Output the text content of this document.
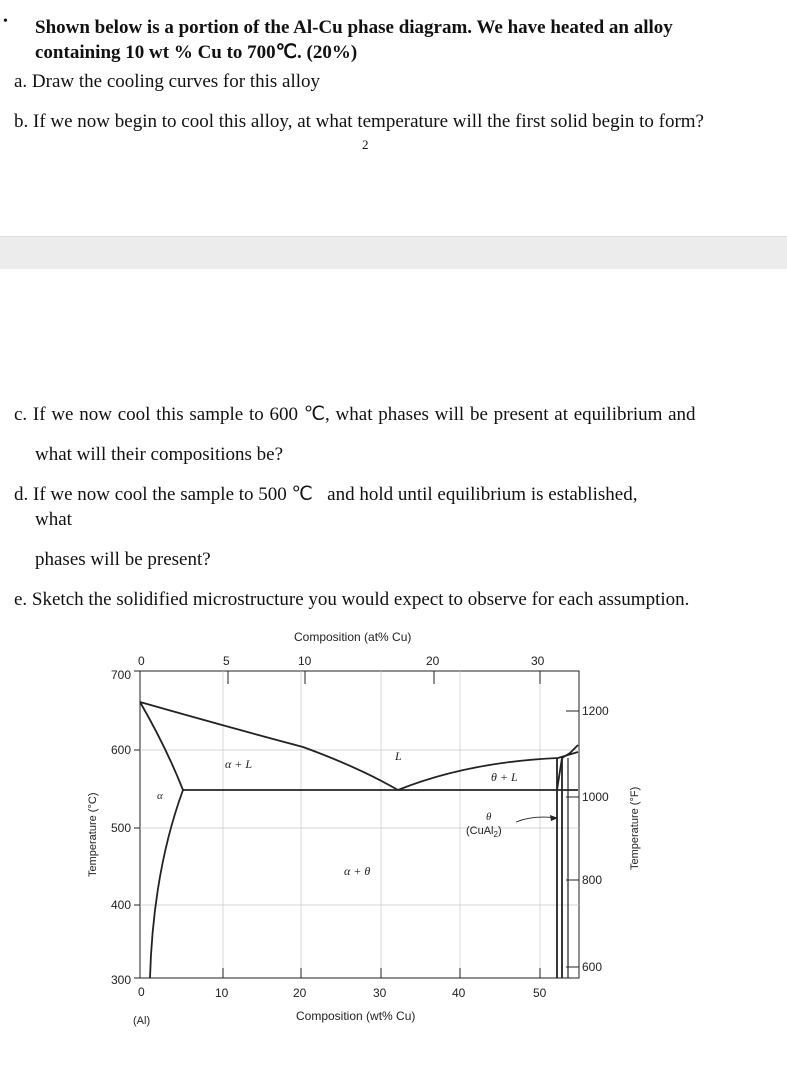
• Shown below is a portion of the Al-Cu phase diagram. We have heated an alloy
containing 10 wt % Cu to 700℃. (20%)
a. Draw the cooling curves for this alloy
b. If we now begin to cool this alloy, at what temperature will the first solid begin to form?
2
c. If we now cool this sample to 600 ℃, what phases will be present at equilibrium and
what will their compositions be?
d. If we now cool the sample to 500 ℃   and hold until equilibrium is established,
what
phases will be present?
e. Sketch the solidified microstructure you would expect to observe for each assumption.
Composition (at% Cu)
0	5	10	20	30
700
600
500
400
300
Temperature (°C)
0	10	20	30	40	50
(Al)	Composition (wt% Cu)
1200
1000
800
600
Temperature (°F)
α
α + L
L
θ + L
θ
(CuAl$_2$)
α + θ
